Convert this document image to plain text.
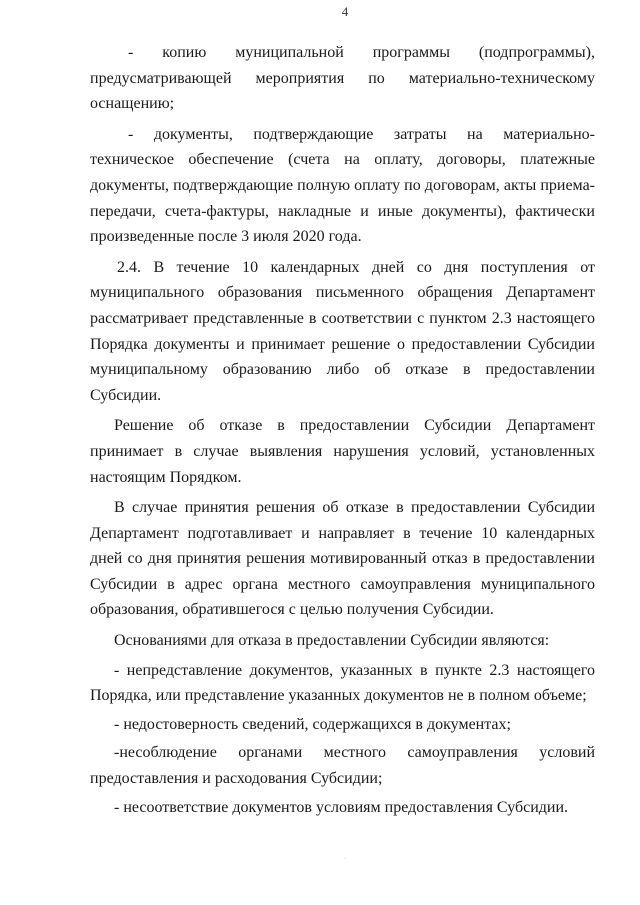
4

- копию муниципальной программы (подпрограммы), предусматривающей мероприятия по материально-техническому оснащению;

- документы, подтверждающие затраты на материально-техническое обеспечение (счета на оплату, договоры, платежные документы, подтверждающие полную оплату по договорам, акты приема-передачи, счета-фактуры, накладные и иные документы), фактически произведенные после 3 июля 2020 года.

2.4. В течение 10 календарных дней со дня поступления от муниципального образования письменного обращения Департамент рассматривает представленные в соответствии с пунктом 2.3 настоящего Порядка документы и принимает решение о предоставлении Субсидии муниципальному образованию либо об отказе в предоставлении Субсидии.

Решение об отказе в предоставлении Субсидии Департамент принимает в случае выявления нарушения условий, установленных настоящим Порядком.

В случае принятия решения об отказе в предоставлении Субсидии Департамент подготавливает и направляет в течение 10 календарных дней со дня принятия решения мотивированный отказ в предоставлении Субсидии в адрес органа местного самоуправления муниципального образования, обратившегося с целью получения Субсидии.

Основаниями для отказа в предоставлении Субсидии являются:

- непредставление документов, указанных в пункте 2.3 настоящего Порядка, или представление указанных документов не в полном объеме;

- недостоверность сведений, содержащихся в документах;

-несоблюдение органами местного самоуправления условий предоставления и расходования Субсидии;

- несоответствие документов условиям предоставления Субсидии.

·
